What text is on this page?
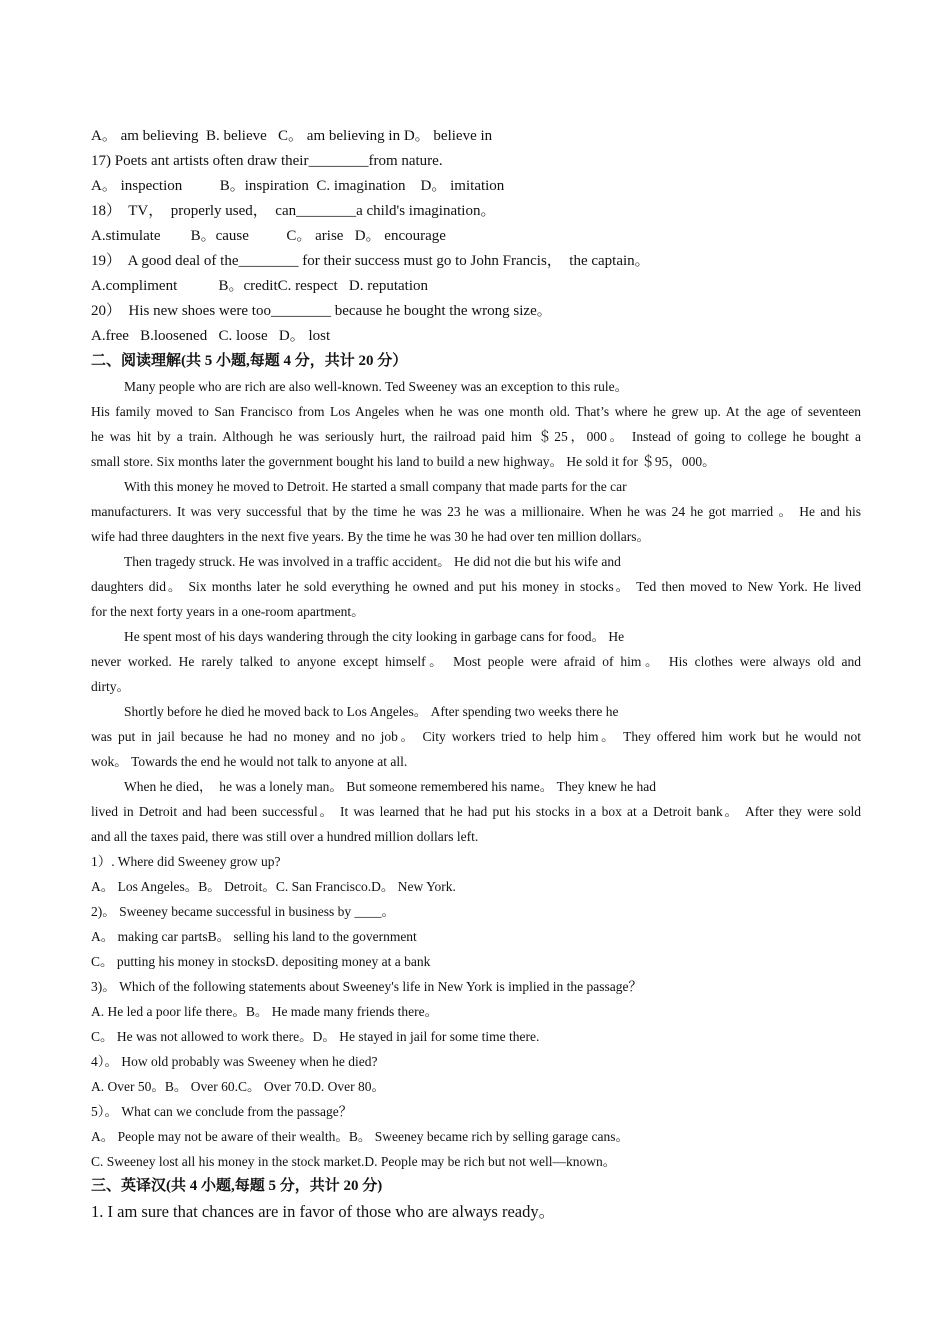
A。 am believing  B. believe   C。 am believing in D。 believe in
17) Poets ant artists often draw their________from nature.
A。 inspection          B。inspiration  C. imagination    D。 imitation
18）  TV，  properly used，  can________a child's imagination。
A.stimulate        B。cause          C。 arise   D。 encourage
19）  A good deal of the________ for their success must go to John Francis，  the captain。
A.compliment           B。creditC. respect   D. reputation
20）  His new shoes were too________ because he bought the wrong size。
A.free   B.loosened   C. loose   D。 lost
二、阅读理解(共 5 小题,每题 4 分，共计 20 分）
Many people who are rich are also well-known. Ted Sweeney was an exception to this rule。
His family moved to San Francisco from Los Angeles when he was one month old. That’s where he grew up. At the age of seventeen
he was hit by a train. Although he was seriously hurt, the railroad paid him ＄25，000。 Instead of going to college he bought a
small store. Six months later the government bought his land to build a new highway。 He sold it for ＄95，000。
With this money he moved to Detroit. He started a small company that made parts for the car
manufacturers. It was very successful that by the time he was 23 he was a millionaire. When he was 24 he got married 。 He and his
wife had three daughters in the next five years. By the time he was 30 he had over ten million dollars。
Then tragedy struck. He was involved in a traffic accident。 He did not die but his wife and
daughters did。 Six months later he sold everything he owned and put his money in stocks。 Ted then moved to New York. He lived
for the next forty years in a one-room apartment。
He spent most of his days wandering through the city looking in garbage cans for food。 He
never worked. He rarely talked to anyone except himself。 Most people were afraid of him。 His clothes were always old and
dirty。
Shortly before he died he moved back to Los Angeles。 After spending two weeks there he
was put in jail because he had no money and no job。 City workers tried to help him。 They offered him work but he would not
wok。 Towards the end he would not talk to anyone at all.
When he died，  he was a lonely man。 But someone remembered his name。 They knew he had
lived in Detroit and had been successful。 It was learned that he had put his stocks in a box at a Detroit bank。 After they were sold
and all the taxes paid, there was still over a hundred million dollars left.
1）. Where did Sweeney grow up?
A。 Los Angeles。B。 Detroit。C. San Francisco.D。 New York.
2)。 Sweeney became successful in business by ____。
A。 making car partsB。 selling his land to the government
C。 putting his money in stocksD. depositing money at a bank
3)。 Which of the following statements about Sweeney's life in New York is implied in the passage？
A. He led a poor life there。B。 He made many friends there。
C。 He was not allowed to work there。D。 He stayed in jail for some time there.
4）。 How old probably was Sweeney when he died?
A. Over 50。B。 Over 60.C。 Over 70.D. Over 80。
5）。 What can we conclude from the passage？
A。 People may not be aware of their wealth。B。 Sweeney became rich by selling garage cans。
C. Sweeney lost all his money in the stock market.D. People may be rich but not well—known。
三、英译汉(共 4 小题,每题 5 分，共计 20 分)
1. I am sure that chances are in favor of those who are always ready。
